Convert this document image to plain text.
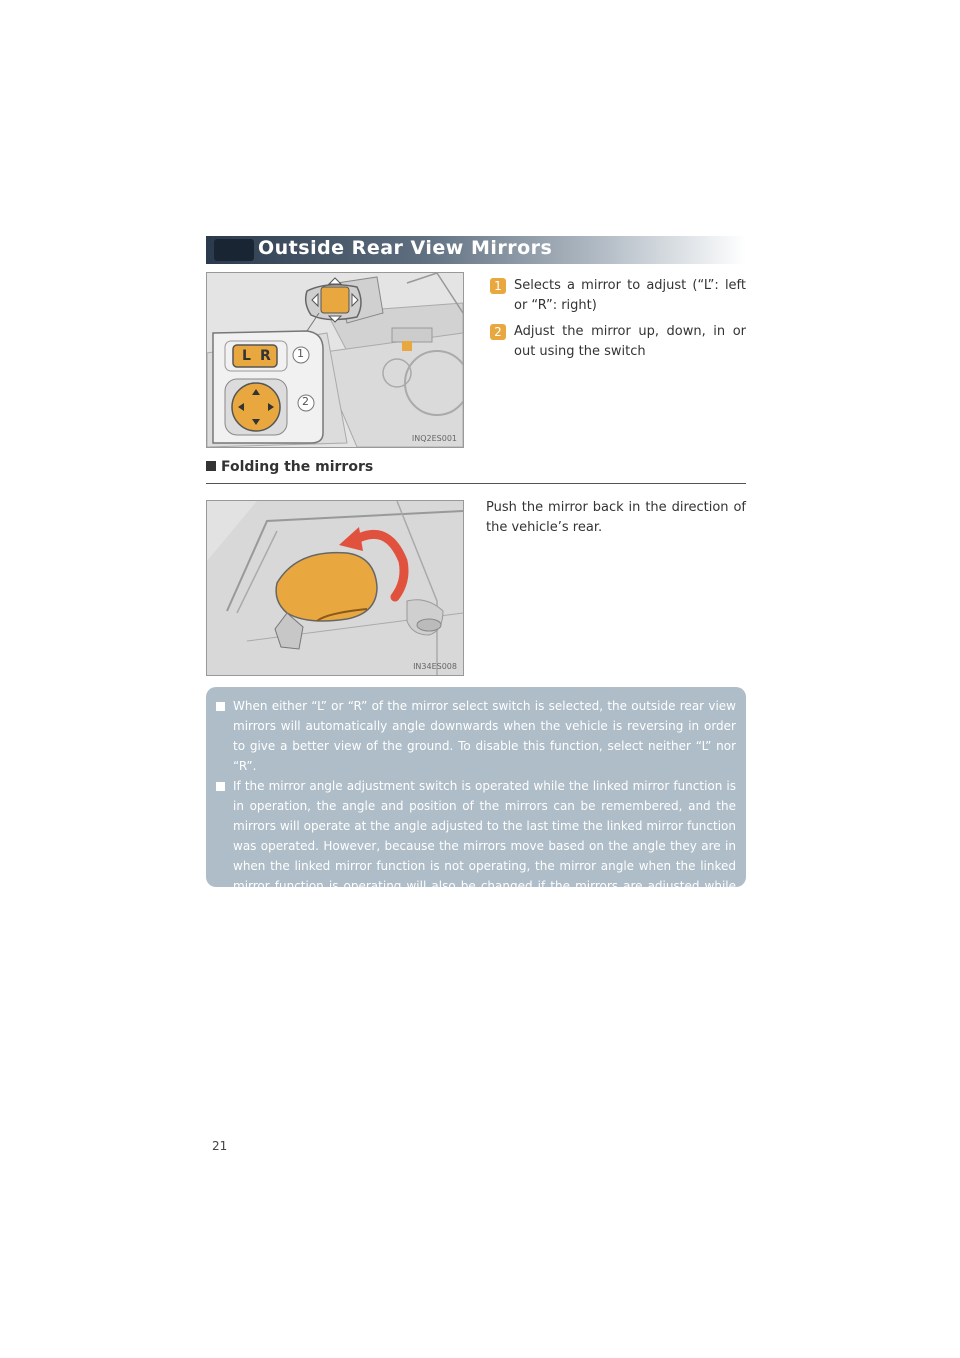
Outside Rear View Mirrors
L R 1
2
INQ2ES001
1 Selects a mirror to adjust (“L”: left or “R”: right)
2 Adjust the mirror up, down, in or out using the switch
Folding the mirrors
Push the mirror back in the direction of the vehicle’s rear.
IN34ES008
When either “L” or “R” of the mirror select switch is selected, the outside rear view mirrors will automatically angle downwards when the vehicle is reversing in order to give a better view of the ground. To disable this function, select neither “L” nor “R”.
If the mirror angle adjustment switch is operated while the linked mirror function is in operation, the angle and position of the mirrors can be remembered, and the mirrors will operate at the angle adjusted to the last time the linked mirror function was operated. However, because the mirrors move based on the angle they are in when the linked mirror function is not operating, the mirror angle when the linked mirror function is operating will also be changed if the mirrors are adjusted while the function is not operating.
21
